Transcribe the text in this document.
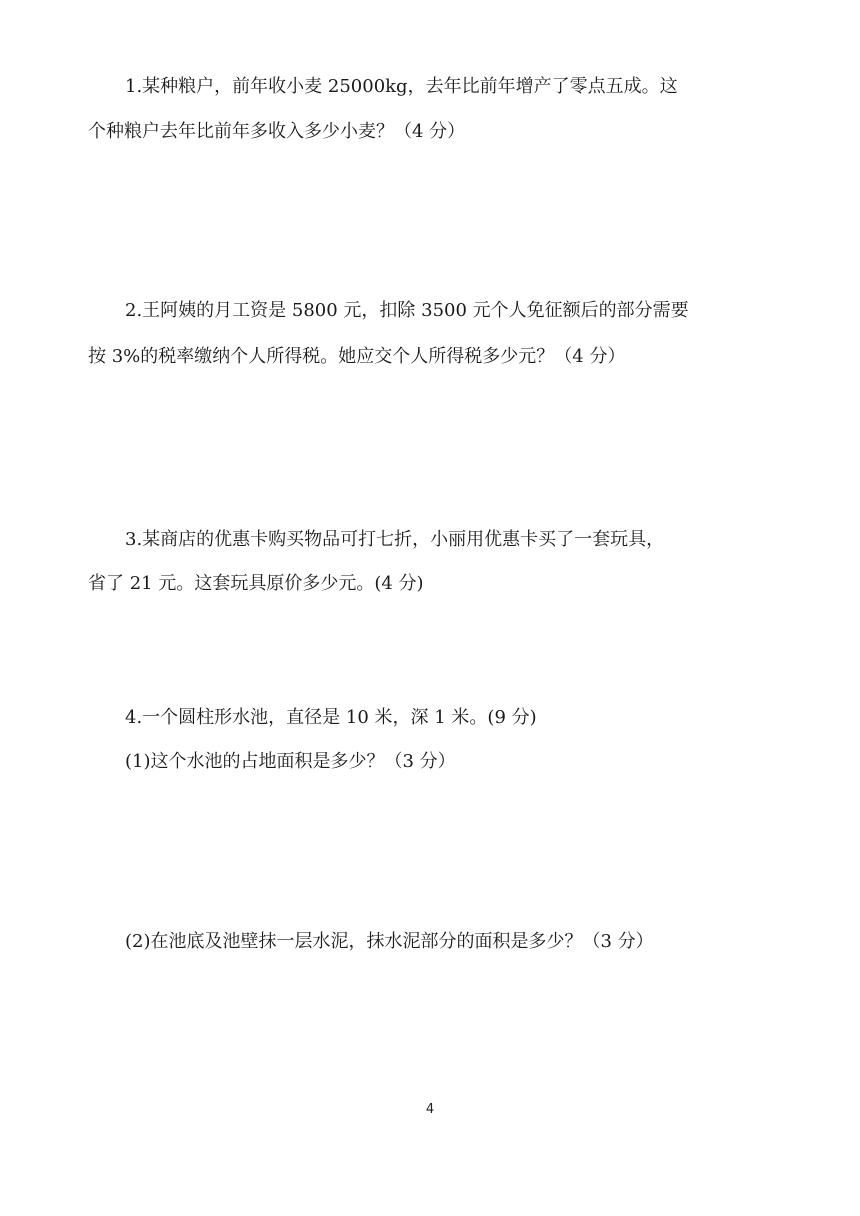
1.某种粮户，前年收小麦 25000kg，去年比前年增产了零点五成。这
个种粮户去年比前年多收入多少小麦？（4 分）
2.王阿姨的月工资是 5800 元，扣除 3500 元个人免征额后的部分需要
按 3%的税率缴纳个人所得税。她应交个人所得税多少元？（4 分）
3.某商店的优惠卡购买物品可打七折，小丽用优惠卡买了一套玩具，
省了 21 元。这套玩具原价多少元。(4 分)
4.一个圆柱形水池，直径是 10 米，深 1 米。(9 分)
(1)这个水池的占地面积是多少？（3 分）
(2)在池底及池壁抹一层水泥，抹水泥部分的面积是多少？（3 分）
4
